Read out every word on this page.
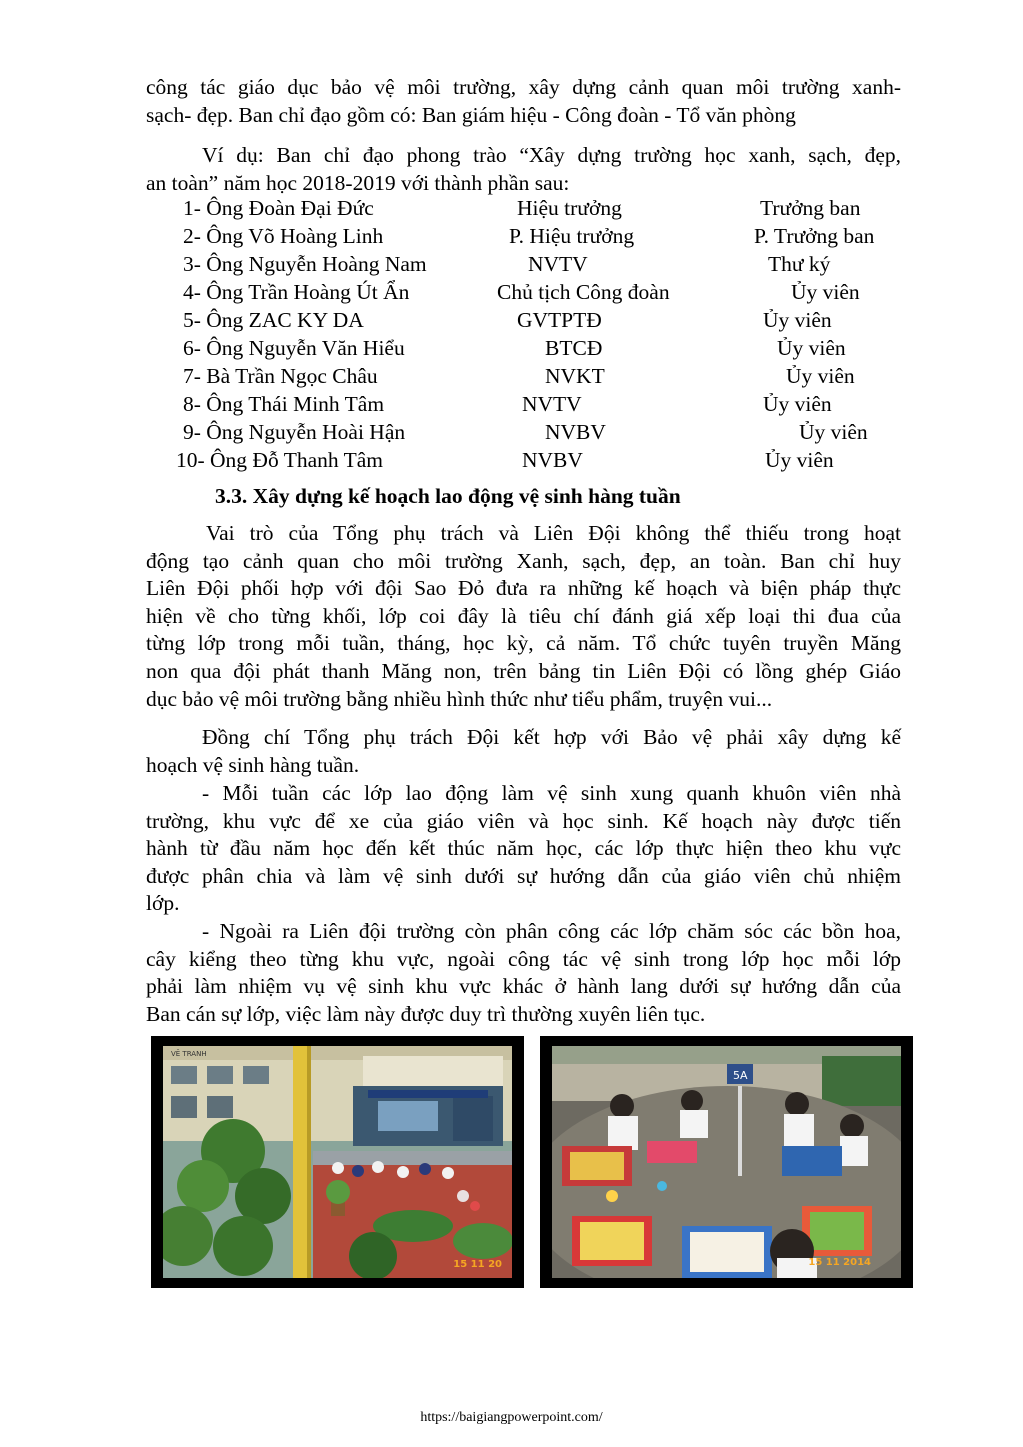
công tác giáo dục bảo vệ môi trường, xây dựng cảnh quan môi trường xanh-
sạch- đẹp. Ban chỉ đạo gồm có: Ban giám hiệu - Công đoàn - Tổ văn phòng
Ví dụ: Ban chỉ đạo phong trào “Xây dựng trường học xanh, sạch, đẹp,
an toàn” năm học 2018-2019 với thành phần sau:
1- Ông Đoàn Đại Đức	Hiệu trưởng	Trưởng ban
2- Ông Võ Hoàng Linh	P. Hiệu trưởng	P. Trưởng ban
3- Ông Nguyễn Hoàng Nam	NVTV	Thư ký
4- Ông Trần Hoàng Út Ẩn	Chủ tịch Công đoàn	Ủy viên
5- Ông ZAC KY DA	GVTPTĐ	Ủy viên
6- Ông Nguyễn Văn Hiểu	BTCĐ	Ủy viên
7- Bà Trần Ngọc Châu	NVKT	Ủy viên
8- Ông Thái Minh Tâm	NVTV	Ủy viên
9- Ông Nguyễn Hoài Hận	NVBV	Ủy viên
10- Ông Đỗ Thanh Tâm	NVBV	Ủy viên
3.3. Xây dựng kế hoạch lao động vệ sinh hàng tuần
Vai trò của Tổng phụ trách và Liên Đội không thể thiếu trong hoạt
động tạo cảnh quan cho môi trường Xanh, sạch, đẹp, an toàn. Ban chỉ huy
Liên Đội phối hợp với đội Sao Đỏ đưa ra những kế hoạch và biện pháp thực
hiện về cho từng khối, lớp coi đây là tiêu chí đánh giá xếp loại thi đua của
từng lớp trong mỗi tuần, tháng, học kỳ, cả năm. Tổ chức tuyên truyền Măng
non qua đội phát thanh Măng non, trên bảng tin Liên Đội có lồng ghép Giáo
dục bảo vệ môi trường bằng nhiều hình thức như tiểu phẩm, truyện vui...
Đồng chí Tổng phụ trách Đội kết hợp với Bảo vệ phải xây dựng kế
hoạch vệ sinh hàng tuần.
- Mỗi tuần các lớp lao động làm vệ sinh xung quanh khuôn viên nhà
trường, khu vực để xe của giáo viên và học sinh. Kế hoạch này được tiến
hành từ đầu năm học đến kết thúc năm học, các lớp thực hiện theo khu vực
được phân chia và làm vệ sinh dưới sự hướng dẫn của giáo viên chủ nhiệm
lớp.
- Ngoài ra Liên đội trường còn phân công các lớp chăm sóc các bồn hoa,
cây kiểng theo từng khu vực, ngoài công tác vệ sinh trong lớp học mỗi lớp
phải làm nhiệm vụ vệ sinh khu vực khác ở hành lang dưới sự hướng dẫn của
Ban cán sự lớp, việc làm này được duy trì thường xuyên liên tục.
VẼ TRANH
15 11 20
5A
15 11 2014
https://baigiangpowerpoint.com/
